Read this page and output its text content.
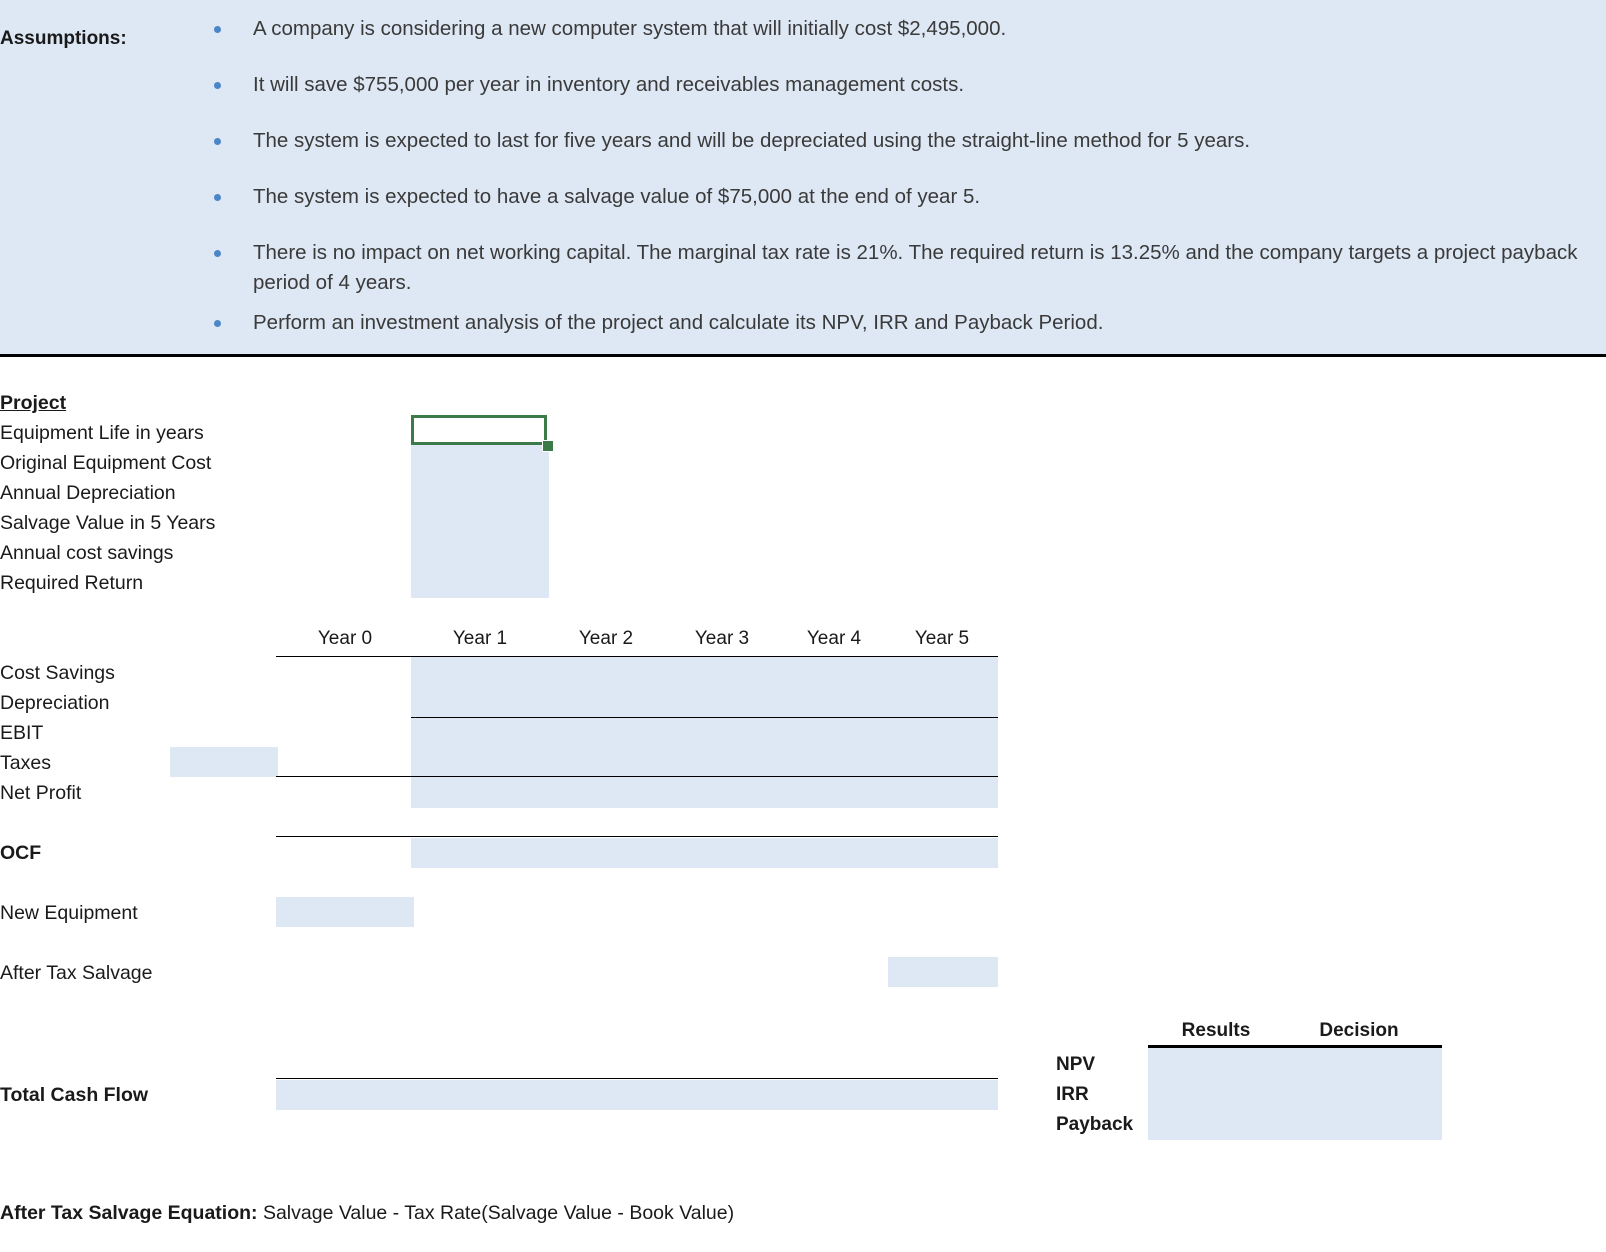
Assumptions:	A company is considering a new computer system that will initially cost $2,495,000.
It will save $755,000 per year in inventory and receivables management costs.
The system is expected to last for five years and will be depreciated using the straight-line method for 5 years.
The system is expected to have a salvage value of $75,000 at the end of year 5.
There is no impact on net working capital. The marginal tax rate is 21%. The required return is 13.25% and the company targets a project payback period of 4 years.
Perform an investment analysis of the project and calculate its NPV, IRR and Payback Period.
Project
Equipment Life in years
Original Equipment Cost
Annual Depreciation
Salvage Value in 5 Years
Annual cost savings
Required Return
Year 0	Year 1	Year 2	Year 3	Year 4	Year 5
Cost Savings
Depreciation
EBIT
Taxes
Net Profit
OCF
New Equipment
After Tax Salvage
Total Cash Flow
Results	Decision
NPV
IRR
Payback
After Tax Salvage Equation: Salvage Value - Tax Rate(Salvage Value - Book Value)
